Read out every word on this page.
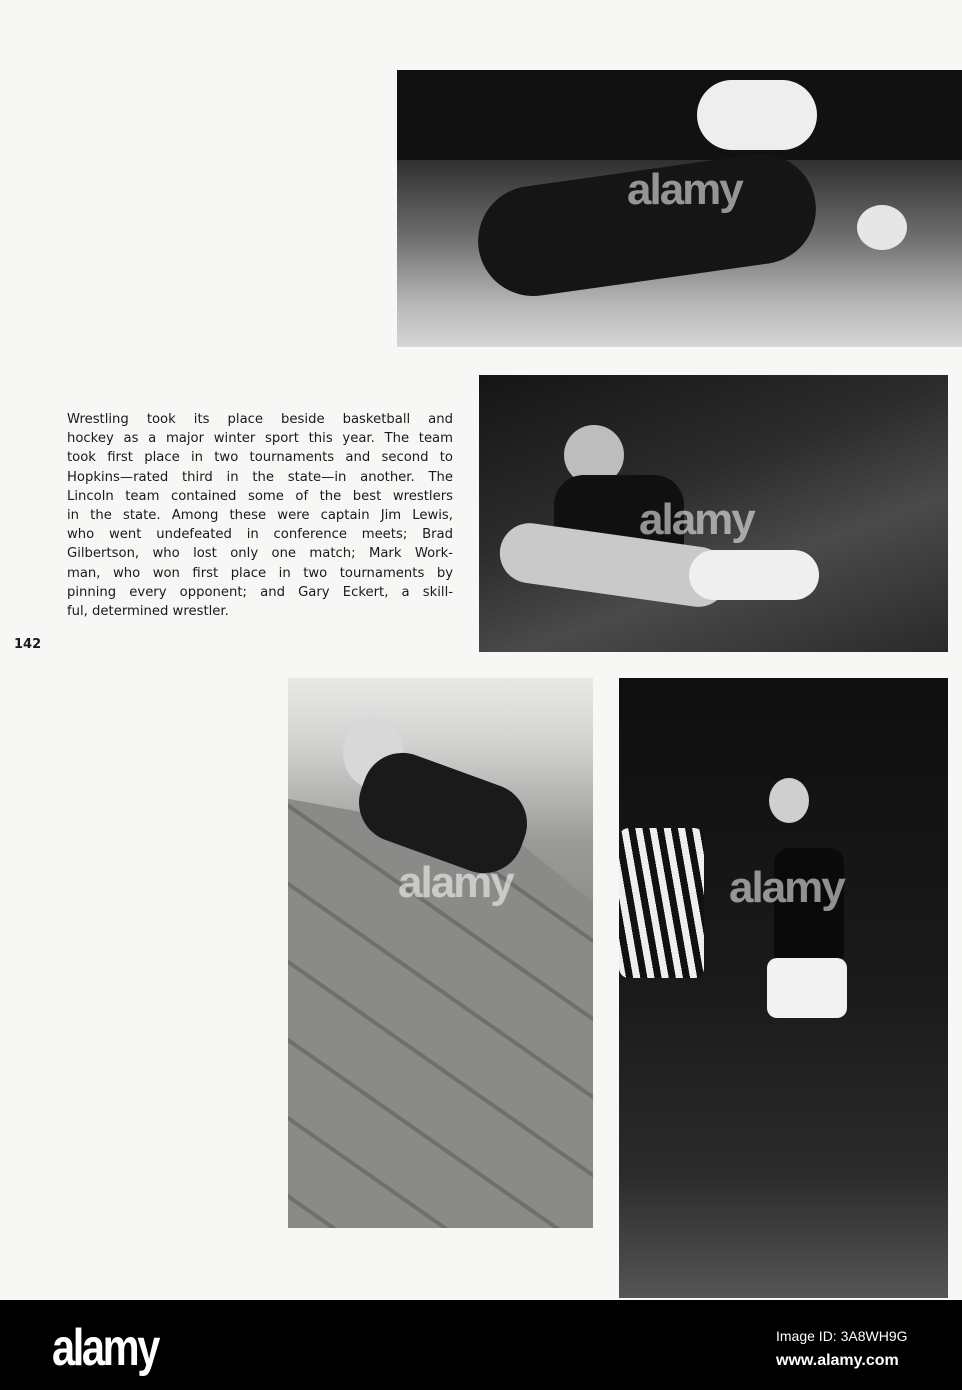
alamy
alamy
alamy	alamy
Wrestling took its place beside basketball and
hockey as a major winter sport this year. The team
took first place in two tournaments and second to
Hopkins—rated third in the state—in another. The
Lincoln team contained some of the best wrestlers
in the state. Among these were captain Jim Lewis,
who went undefeated in conference meets; Brad
Gilbertson, who lost only one match; Mark Work-
man, who won first place in two tournaments by
pinning every opponent; and Gary Eckert, a skill-
ful, determined wrestler.
142
alamy	Image ID: 3A8WH9G
www.alamy.com
